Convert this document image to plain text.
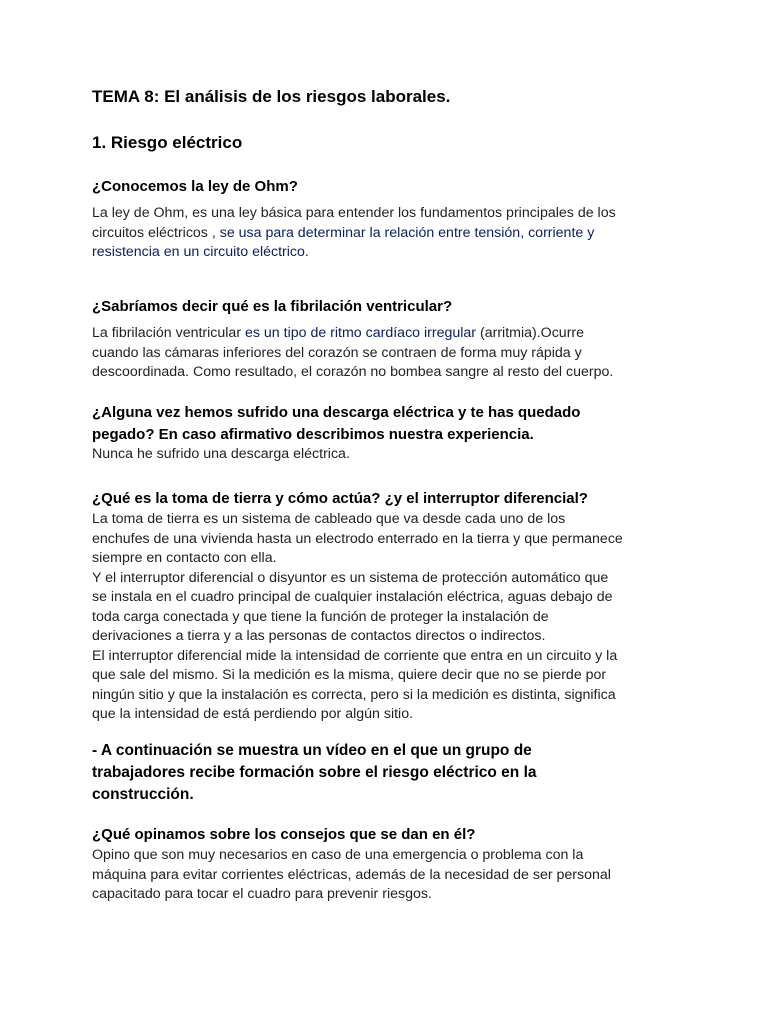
TEMA 8: El análisis de los riesgos laborales.
1. Riesgo eléctrico
¿Conocemos la ley de Ohm?
La ley de Ohm, es una ley básica para entender los fundamentos principales de los
circuitos eléctricos , se usa para determinar la relación entre tensión, corriente y
resistencia en un circuito eléctrico.
¿Sabríamos decir qué es la fibrilación ventricular?
La fibrilación ventricular es un tipo de ritmo cardíaco irregular (arritmia).Ocurre
cuando las cámaras inferiores del corazón se contraen de forma muy rápida y
descoordinada. Como resultado, el corazón no bombea sangre al resto del cuerpo.
¿Alguna vez hemos sufrido una descarga eléctrica y te has quedado
pegado? En caso afirmativo describimos nuestra experiencia.
Nunca he sufrido una descarga eléctrica.
¿Qué es la toma de tierra y cómo actúa? ¿y el interruptor diferencial?
La toma de tierra es un sistema de cableado que va desde cada uno de los
enchufes de una vivienda hasta un electrodo enterrado en la tierra y que permanece
siempre en contacto con ella.
Y el interruptor diferencial o disyuntor es un sistema de protección automático que
se instala en el cuadro principal de cualquier instalación eléctrica, aguas debajo de
toda carga conectada y que tiene la función de proteger la instalación de
derivaciones a tierra y a las personas de contactos directos o indirectos.
El interruptor diferencial mide la intensidad de corriente que entra en un circuito y la
que sale del mismo. Si la medición es la misma, quiere decir que no se pierde por
ningún sitio y que la instalación es correcta, pero si la medición es distinta, significa
que la intensidad de está perdiendo por algún sitio.
- A continuación se muestra un vídeo en el que un grupo de
trabajadores recibe formación sobre el riesgo eléctrico en la
construcción.
¿Qué opinamos sobre los consejos que se dan en él?
Opino que son muy necesarios en caso de una emergencia o problema con la
máquina para evitar corrientes eléctricas, además de la necesidad de ser personal
capacitado para tocar el cuadro para prevenir riesgos.
